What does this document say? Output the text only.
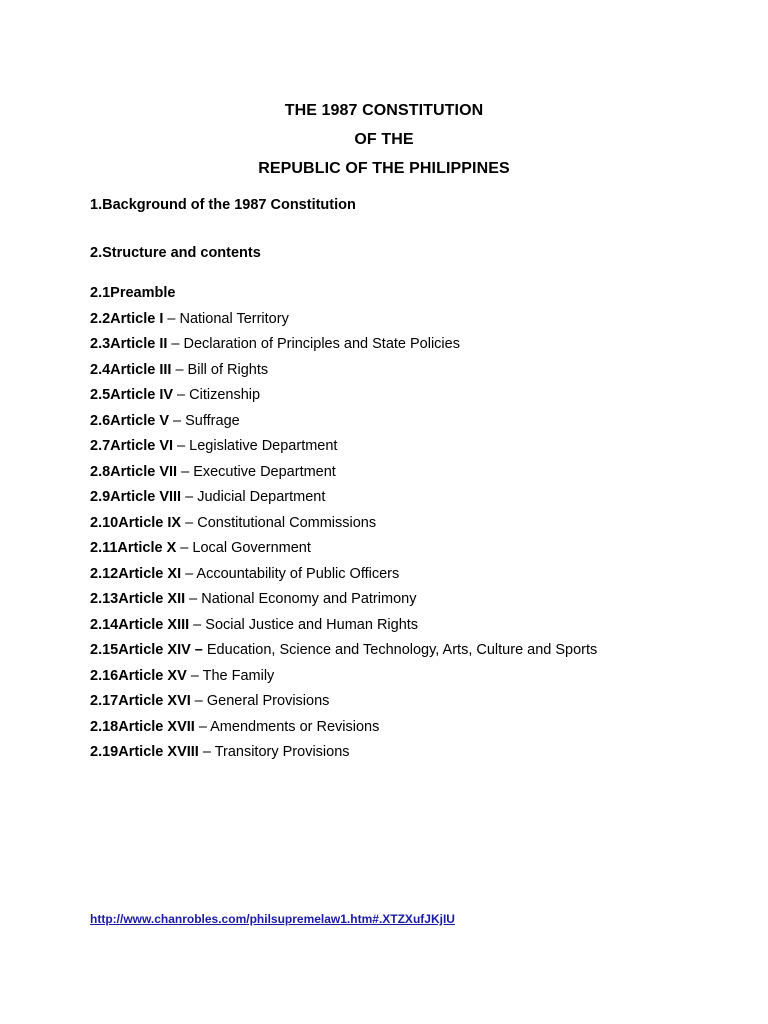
THE 1987 CONSTITUTION
OF THE
REPUBLIC OF THE PHILIPPINES
1.Background of the 1987 Constitution
2.Structure and contents
2.1Preamble
2.2Article I – National Territory
2.3Article II – Declaration of Principles and State Policies
2.4Article III – Bill of Rights
2.5Article IV – Citizenship
2.6Article V – Suffrage
2.7Article VI – Legislative Department
2.8Article VII – Executive Department
2.9Article VIII – Judicial Department
2.10Article IX – Constitutional Commissions
2.11Article X – Local Government
2.12Article XI – Accountability of Public Officers
2.13Article XII – National Economy and Patrimony
2.14Article XIII – Social Justice and Human Rights
2.15Article XIV – Education, Science and Technology, Arts, Culture and Sports
2.16Article XV – The Family
2.17Article XVI – General Provisions
2.18Article XVII – Amendments or Revisions
2.19Article XVIII – Transitory Provisions
http://www.chanrobles.com/philsupremelaw1.htm#.XTZXufJKjIU
